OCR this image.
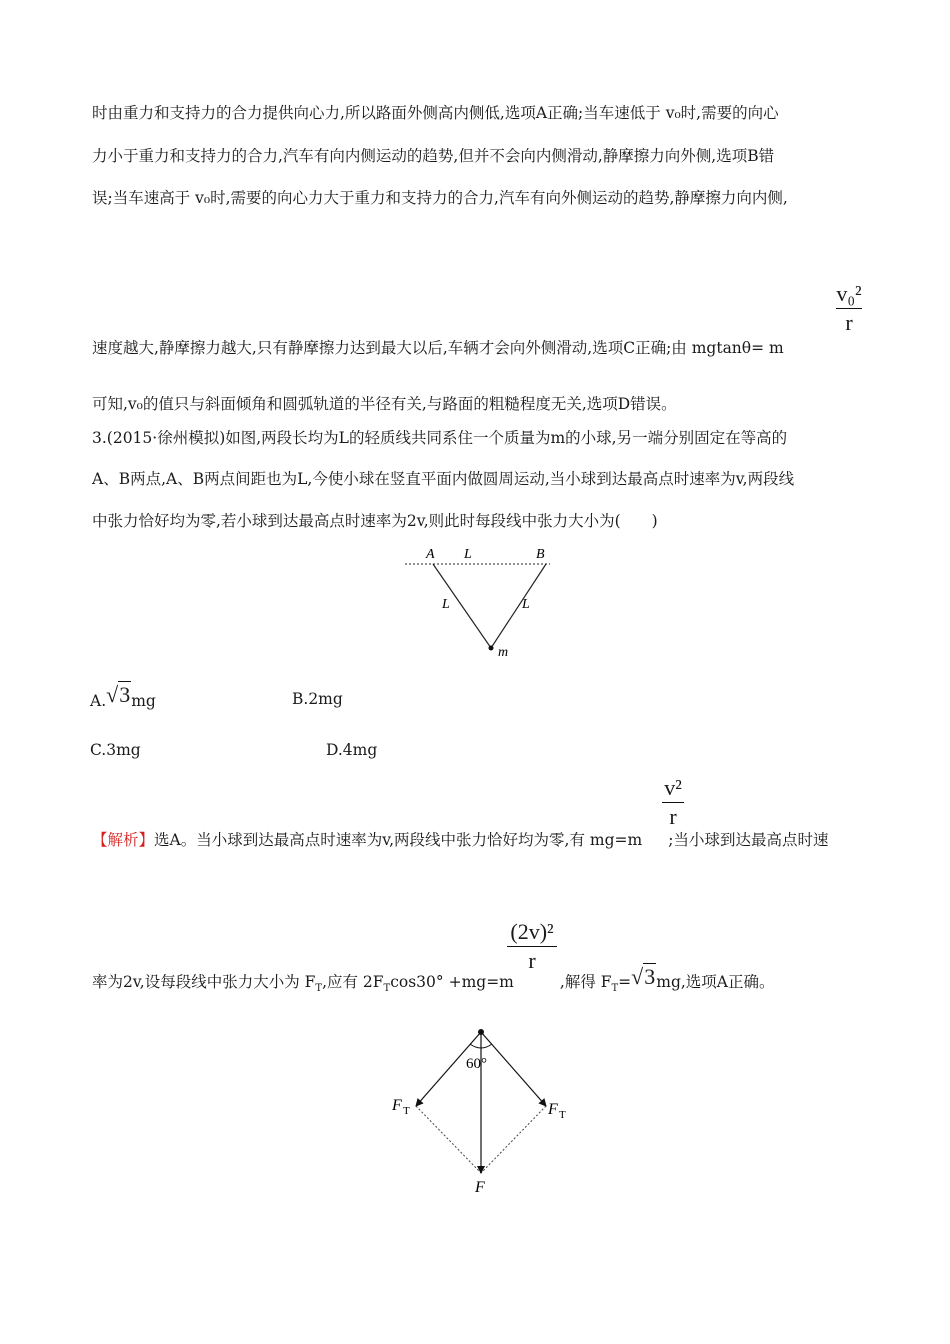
时由重力和支持力的合力提供向心力,所以路面外侧高内侧低,选项A正确;当车速低于 v₀时,需要的向心
力小于重力和支持力的合力,汽车有向内侧运动的趋势,但并不会向内侧滑动,静摩擦力向外侧,选项B错
误;当车速高于 v₀时,需要的向心力大于重力和支持力的合力,汽车有向外侧运动的趋势,静摩擦力向内侧,
v₀²
r
速度越大,静摩擦力越大,只有静摩擦力达到最大以后,车辆才会向外侧滑动,选项C正确;由 mgtanθ= m
可知,v₀的值只与斜面倾角和圆弧轨道的半径有关,与路面的粗糙程度无关,选项D错误。
3.(2015·徐州模拟)如图,两段长均为L的轻质线共同系住一个质量为m的小球,另一端分别固定在等高的
A、B两点,A、B两点间距也为L,今使小球在竖直平面内做圆周运动,当小球到达最高点时速率为v,两段线
中张力恰好均为零,若小球到达最高点时速率为2v,则此时每段线中张力大小为(　　)
A L	B
L	L
m
A.√3mg	B.2mg
C.3mg	D.4mg
v²
r
【解析】选A。当小球到达最高点时速率为v,两段线中张力恰好均为零,有 mg=m ;当小球到达最高点时速
(2v)²
r
率为2v,设每段线中张力大小为 $F_T$,应有 $2F_T\cos 30^\circ +mg=m$	,解得 $F_T=√3mg$,选项A正确。
60°
F T	F T
F
